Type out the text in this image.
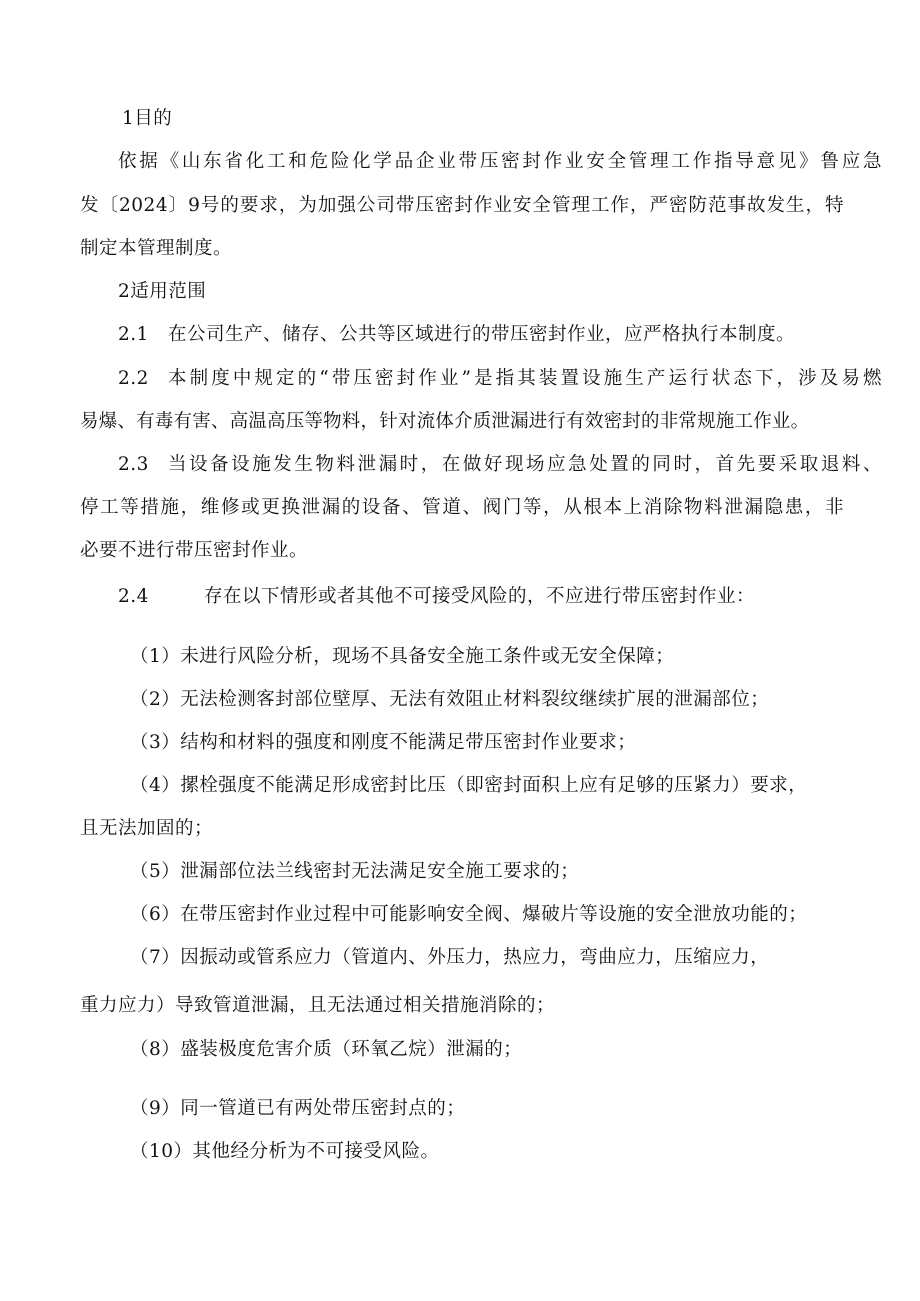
1目的

依据《山东省化工和危险化学品企业带压密封作业安全管理工作指导意见》鲁应急

发〔2024〕9号的要求，为加强公司带压密封作业安全管理工作，严密防范事故发生，特

制定本管理制度。

2适用范围

2.1 在公司生产、储存、公共等区域进行的带压密封作业，应严格执行本制度。
2.2	本制度中规定的“带压密封作业”是指其装置设施生产运行状态下，涉及易燃

易爆、有毒有害、高温高压等物料，针对流体介质泄漏进行有效密封的非常规施工作业。

2.3	当设备设施发生物料泄漏时，在做好现场应急处置的同时，首先要采取退料、

停工等措施，维修或更换泄漏的设备、管道、阀门等，从根本上消除物料泄漏隐患，非

必要不进行带压密封作业。

2.4	存在以下情形或者其他不可接受风险的，不应进行带压密封作业：

（1）未进行风险分析，现场不具备安全施工条件或无安全保障；

（2）无法检测客封部位壁厚、无法有效阻止材料裂纹继续扩展的泄漏部位；

（3）结构和材料的强度和刚度不能满足带压密封作业要求；

（4）摞栓强度不能满足形成密封比压（即密封面积上应有足够的压紧力）要求，

且无法加固的；

（5）泄漏部位法兰线密封无法满足安全施工要求的；

（6）在带压密封作业过程中可能影响安全阀、爆破片等设施的安全泄放功能的；

（7）因振动或管系应力（管道内、外压力，热应力，弯曲应力，压缩应力，

重力应力）导致管道泄漏，且无法通过相关措施消除的；

（8）盛装极度危害介质（环氧乙烷）泄漏的；

（9）同一管道已有两处带压密封点的；

（10）其他经分析为不可接受风险。
